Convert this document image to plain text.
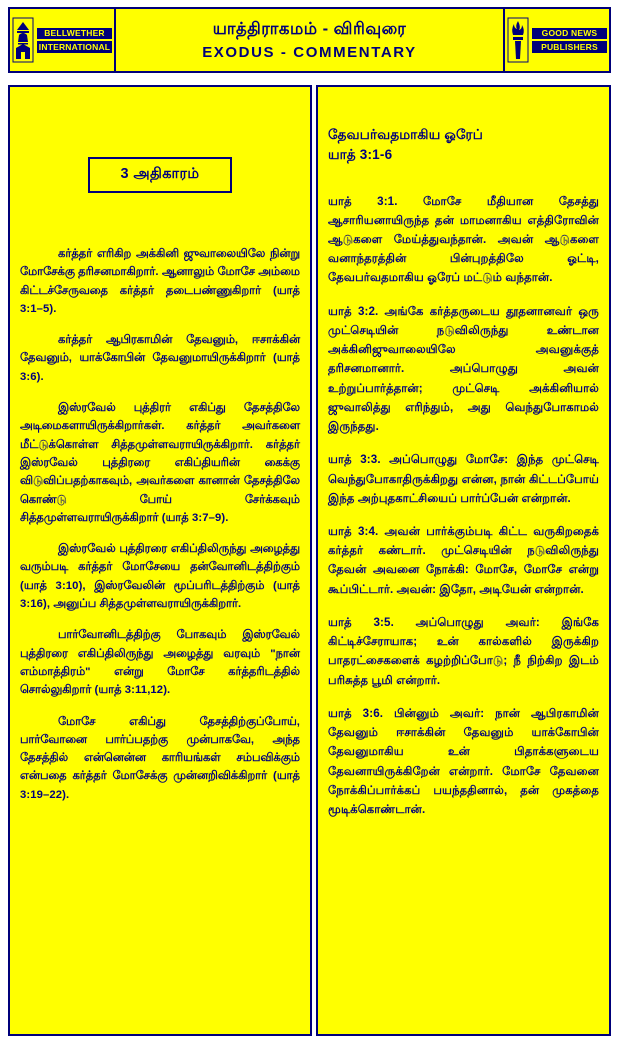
BELLWETHER
INTERNATIONAL
யாத்திராகமம் - விரிவுரை
EXODUS - COMMENTARY
GOOD NEWS
PUBLISHERS
3 அதிகாரம்

கர்த்தர் எரிகிற அக்கினி ஜுவாலையிலே நின்று மோசேக்கு தரிசனமாகிறார். ஆனாலும் மோசே அம்மை கிட்டச்சேருவதை கர்த்தர் தடைபண்ணுகிறார் (யாத் 3:1–5).

கர்த்தர் ஆபிரகாமின் தேவனும், ஈசாக்கின் தேவனும், யாக்கோபின் தேவனுமாயிருக்கிறார் (யாத் 3:6).

இஸ்ரவேல் புத்திரர் எகிப்து தேசத்திலே அடிமைகளாயிருக்கிறார்கள். கர்த்தர் அவர்களை மீட்டுக்கொள்ள சித்தமுள்ளவராயிருக்கிறார். கர்த்தர் இஸ்ரவேல் புத்திரரை எகிப்தியரின் கைக்கு விடுவிப்பதற்காகவும், அவர்களை கானான் தேசத்திலே கொண்டு போய் சேர்க்கவும் சித்தமுள்ளவராயிருக்கிறார் (யாத் 3:7–9).

இஸ்ரவேல் புத்திரரை எகிப்திலிருந்து அழைத்து வரும்படி கர்த்தர் மோசேயை தன்வோனிடத்திற்கும் (யாத் 3:10), இஸ்ரவேலின் மூப்பரிடத்திற்கும் (யாத் 3:16), அனுப்ப சித்தமுள்ளவராயிருக்கிறார்.

பார்வோனிடத்திற்கு போகவும் இஸ்ரவேல் புத்திரரை எகிப்திலிருந்து அழைத்து வரவும் "நான் எம்மாத்திரம்" என்று மோசே கர்த்தரிடத்தில் சொல்லுகிறார் (யாத் 3:11,12).

மோசே எகிப்து தேசத்திற்குப்போய், பார்வோனை பார்ப்பதற்கு முன்பாகவே, அந்த தேசத்தில் என்னென்ன காரியங்கள் சம்பவிக்கும் என்பதை கர்த்தர் மோசேக்கு முன்னறிவிக்கிறார் (யாத் 3:19–22).

தேவபர்வதமாகிய ஓரேப்
யாத் 3:1-6

யாத் 3:1. மோசே மீதியான தேசத்து ஆசாரியனாயிருந்த தன் மாமனாகிய எத்திரோவின் ஆடுகளை மேய்த்துவந்தான். அவன் ஆடுகளை வனாந்தரத்தின் பின்புறத்திலே ஓட்டி, தேவபர்வதமாகிய ஓரேப் மட்டும் வந்தான்.

யாத் 3:2. அங்கே கர்த்தருடைய தூதனானவர் ஒரு முட்செடியின் நடுவிலிருந்து உண்டான அக்கினிஜுவாலையிலே அவனுக்குத் தரிசனமானார். அப்பொழுது அவன் உற்றுப்பார்த்தான்; முட்செடி அக்கினியால் ஜுவாலித்து எரிந்தும், அது வெந்துபோகாமல் இருந்தது.

யாத் 3:3. அப்பொழுது மோசே: இந்த முட்செடி வெந்துபோகாதிருக்கிறது என்ன, நான் கிட்டப்போய் இந்த அற்புதகாட்சியைப் பார்ப்பேன் என்றான்.

யாத் 3:4. அவன் பார்க்கும்படி கிட்ட வருகிறதைக் கர்த்தர் கண்டார். முட்செடியின் நடுவிலிருந்து தேவன் அவனை நோக்கி: மோசே, மோசே என்று கூப்பிட்டார். அவன்: இதோ, அடியேன் என்றான்.

யாத் 3:5. அப்பொழுது அவர்: இங்கே கிட்டிச்சேராயாக; உன் கால்களில் இருக்கிற பாதரட்சைகளைக் கழற்றிப்போடு; நீ நிற்கிற இடம் பரிசுத்த பூமி என்றார்.

யாத் 3:6. பின்னும் அவர்: நான் ஆபிரகாமின் தேவனும் ஈசாக்கின் தேவனும் யாக்கோபின் தேவனுமாகிய உன் பிதாக்களுடைய தேவனாயிருக்கிறேன் என்றார். மோசே தேவனை நோக்கிப்பார்க்கப் பயந்ததினால், தன் முகத்தை மூடிக்கொண்டான்.
